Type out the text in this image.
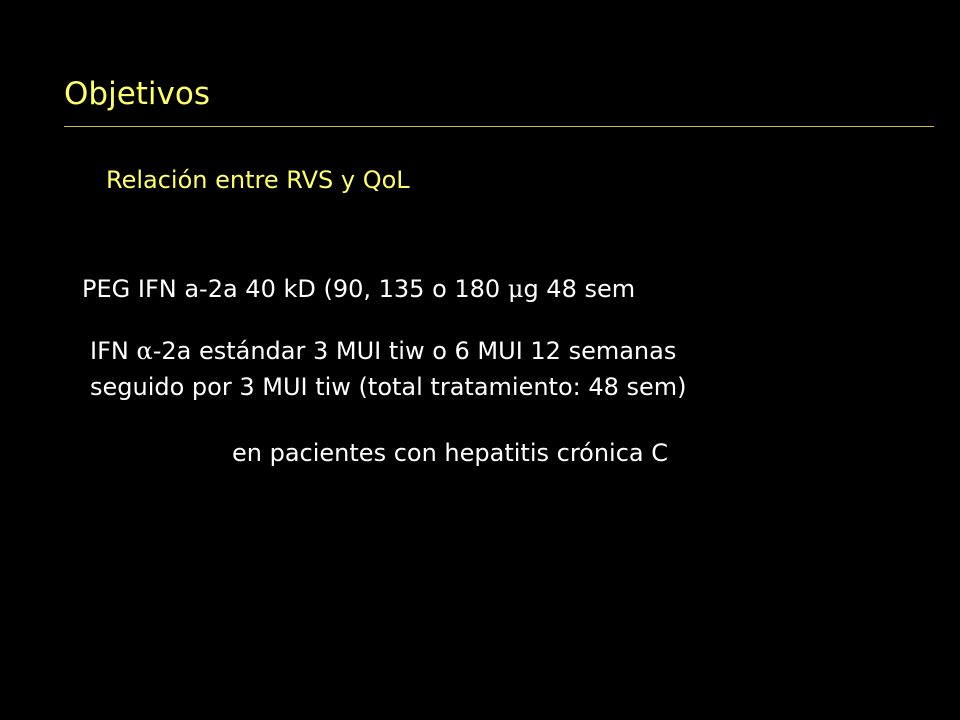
Objetivos
Relación entre RVS y QoL
PEG IFN a-2a 40 kD (90, 135 o 180 μg 48 sem
IFN α-2a estándar 3 MUI tiw o 6 MUI 12 semanas
seguido por 3 MUI tiw (total tratamiento: 48 sem)
en pacientes con hepatitis crónica C
